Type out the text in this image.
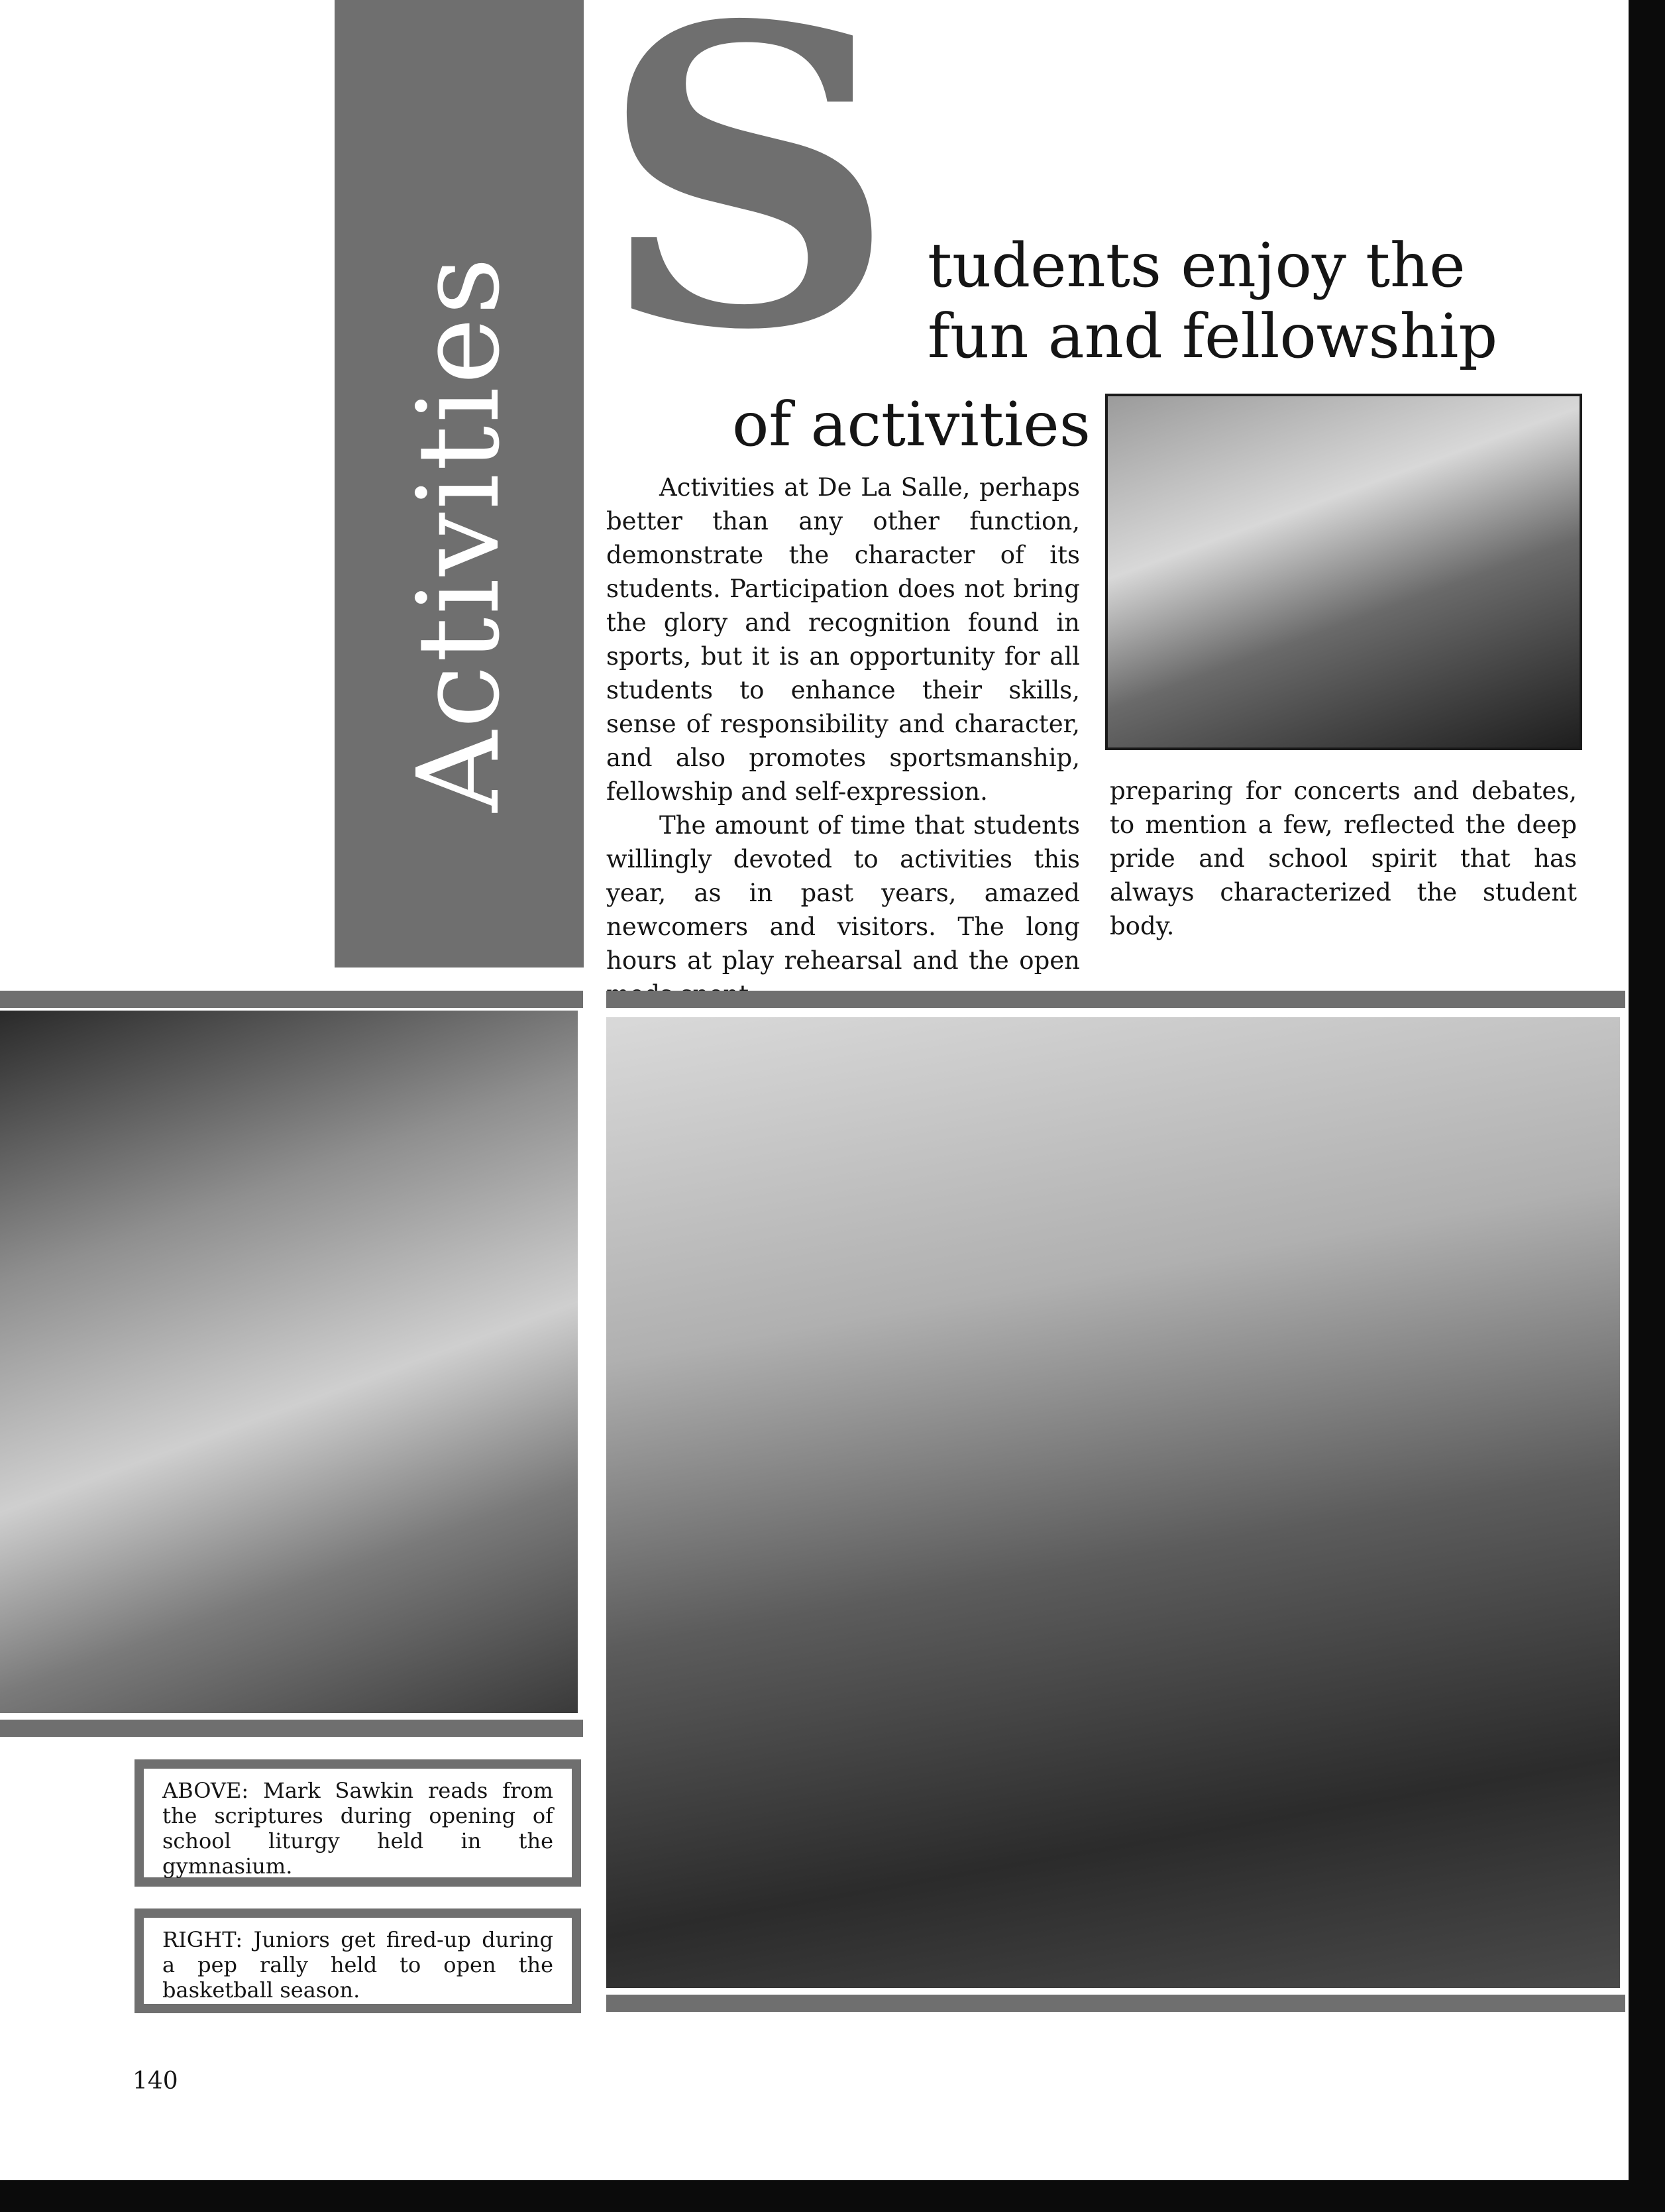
Activities
S tudents enjoy the
fun and fellowship
of activities

Activities at De La Salle, perhaps better than any other function, demonstrate the character of its students. Participation does not bring the glory and recognition found in sports, but it is an opportunity for all students to enhance their skills, sense of responsibility and character, and also promotes sportsmanship, fellowship and self-expression.

The amount of time that students willingly devoted to activities this year, as in past years, amazed newcomers and visitors. The long hours at play rehearsal and the open

preparing for concerts and debates, to mention a few, reflected the deep pride and school spirit that has always characterized the student body.

ABOVE: Mark Sawkin reads from the scriptures during opening of school liturgy held in the gymnasium.
RIGHT: Juniors get fired-up during a pep rally held to open the basketball season.
140
